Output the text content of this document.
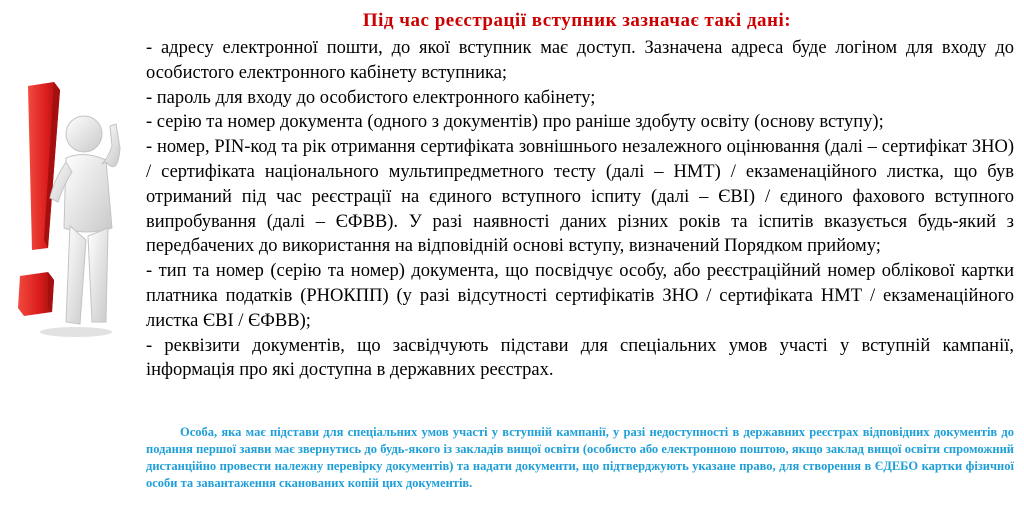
Під час реєстрації вступник зазначає такі дані:

- адресу електронної пошти, до якої вступник має доступ. Зазначена адреса буде логіном для входу до особистого електронного кабінету вступника;

- пароль для входу до особистого електронного кабінету;

- серію та номер документа (одного з документів) про раніше здобуту освіту (основу вступу);

- номер, PIN-код та рік отримання сертифіката зовнішнього незалежного оцінювання (далі – сертифікат ЗНО) / сертифіката національного мультипредметного тесту (далі – НМТ) / екзаменаційного листка, що був отриманий під час реєстрації на єдиного вступного іспиту (далі – ЄВІ) / єдиного фахового вступного випробування (далі – ЄФВВ). У разі наявності даних різних років та іспитів вказується будь-який з передбачених до використання на відповідній основі вступу, визначений Порядком прийому;

- тип та номер (серію та номер) документа, що посвідчує особу, або реєстраційний номер облікової картки платника податків (РНОКПП) (у разі відсутності сертифікатів ЗНО / сертифіката НМТ / екзаменаційного листка ЄВІ / ЄФВВ);

- реквізити документів, що засвідчують підстави для спеціальних умов участі у вступній кампанії, інформація про які доступна в державних реєстрах.

Особа, яка має підстави для спеціальних умов участі у вступній кампанії, у разі недоступності в державних реєстрах відповідних документів до подання першої заяви має звернутись до будь-якого із закладів вищої освіти (особисто або електронною поштою, якщо заклад вищої освіти спроможний дистанційно провести належну перевірку документів) та надати документи, що підтверджують указане право, для створення в ЄДЕБО картки фізичної особи та завантаження сканованих копій цих документів.
